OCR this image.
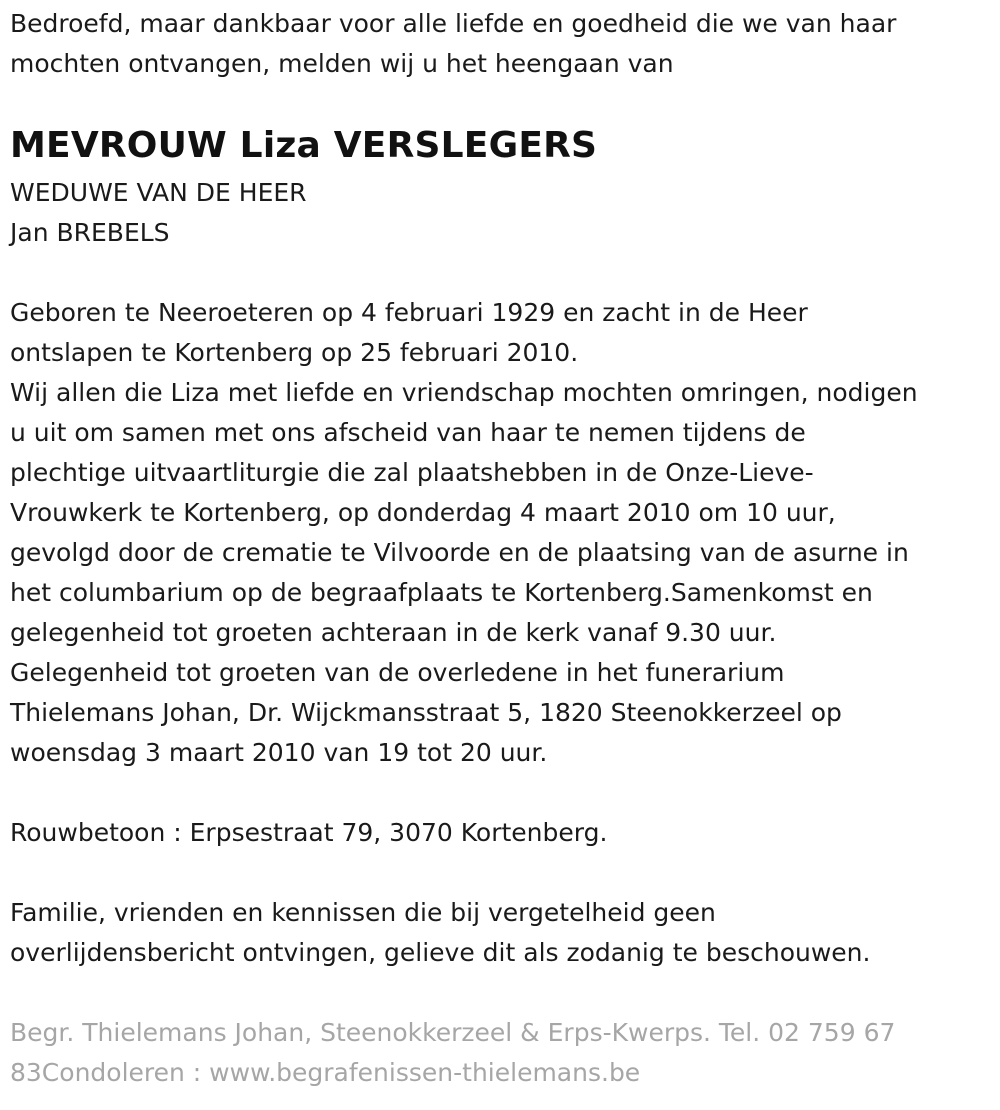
Bedroefd, maar dankbaar voor alle liefde en goedheid die we van haar
mochten ontvangen, melden wij u het heengaan van
MEVROUW Liza VERSLEGERS
WEDUWE VAN DE HEER
Jan BREBELS
Geboren te Neeroeteren op 4 februari 1929 en zacht in de Heer
ontslapen te Kortenberg op 25 februari 2010.
Wij allen die Liza met liefde en vriendschap mochten omringen, nodigen
u uit om samen met ons afscheid van haar te nemen tijdens de
plechtige uitvaartliturgie die zal plaatshebben in de Onze-Lieve-
Vrouwkerk te Kortenberg, op donderdag 4 maart 2010 om 10 uur,
gevolgd door de crematie te Vilvoorde en de plaatsing van de asurne in
het columbarium op de begraafplaats te Kortenberg.Samenkomst en
gelegenheid tot groeten achteraan in de kerk vanaf 9.30 uur.
Gelegenheid tot groeten van de overledene in het funerarium
Thielemans Johan, Dr. Wijckmansstraat 5, 1820 Steenokkerzeel op
woensdag 3 maart 2010 van 19 tot 20 uur.
Rouwbetoon : Erpsestraat 79, 3070 Kortenberg.
Familie, vrienden en kennissen die bij vergetelheid geen
overlijdensbericht ontvingen, gelieve dit als zodanig te beschouwen.
Begr. Thielemans Johan, Steenokkerzeel & Erps-Kwerps. Tel. 02 759 67
83Condoleren : www.begrafenissen-thielemans.be
